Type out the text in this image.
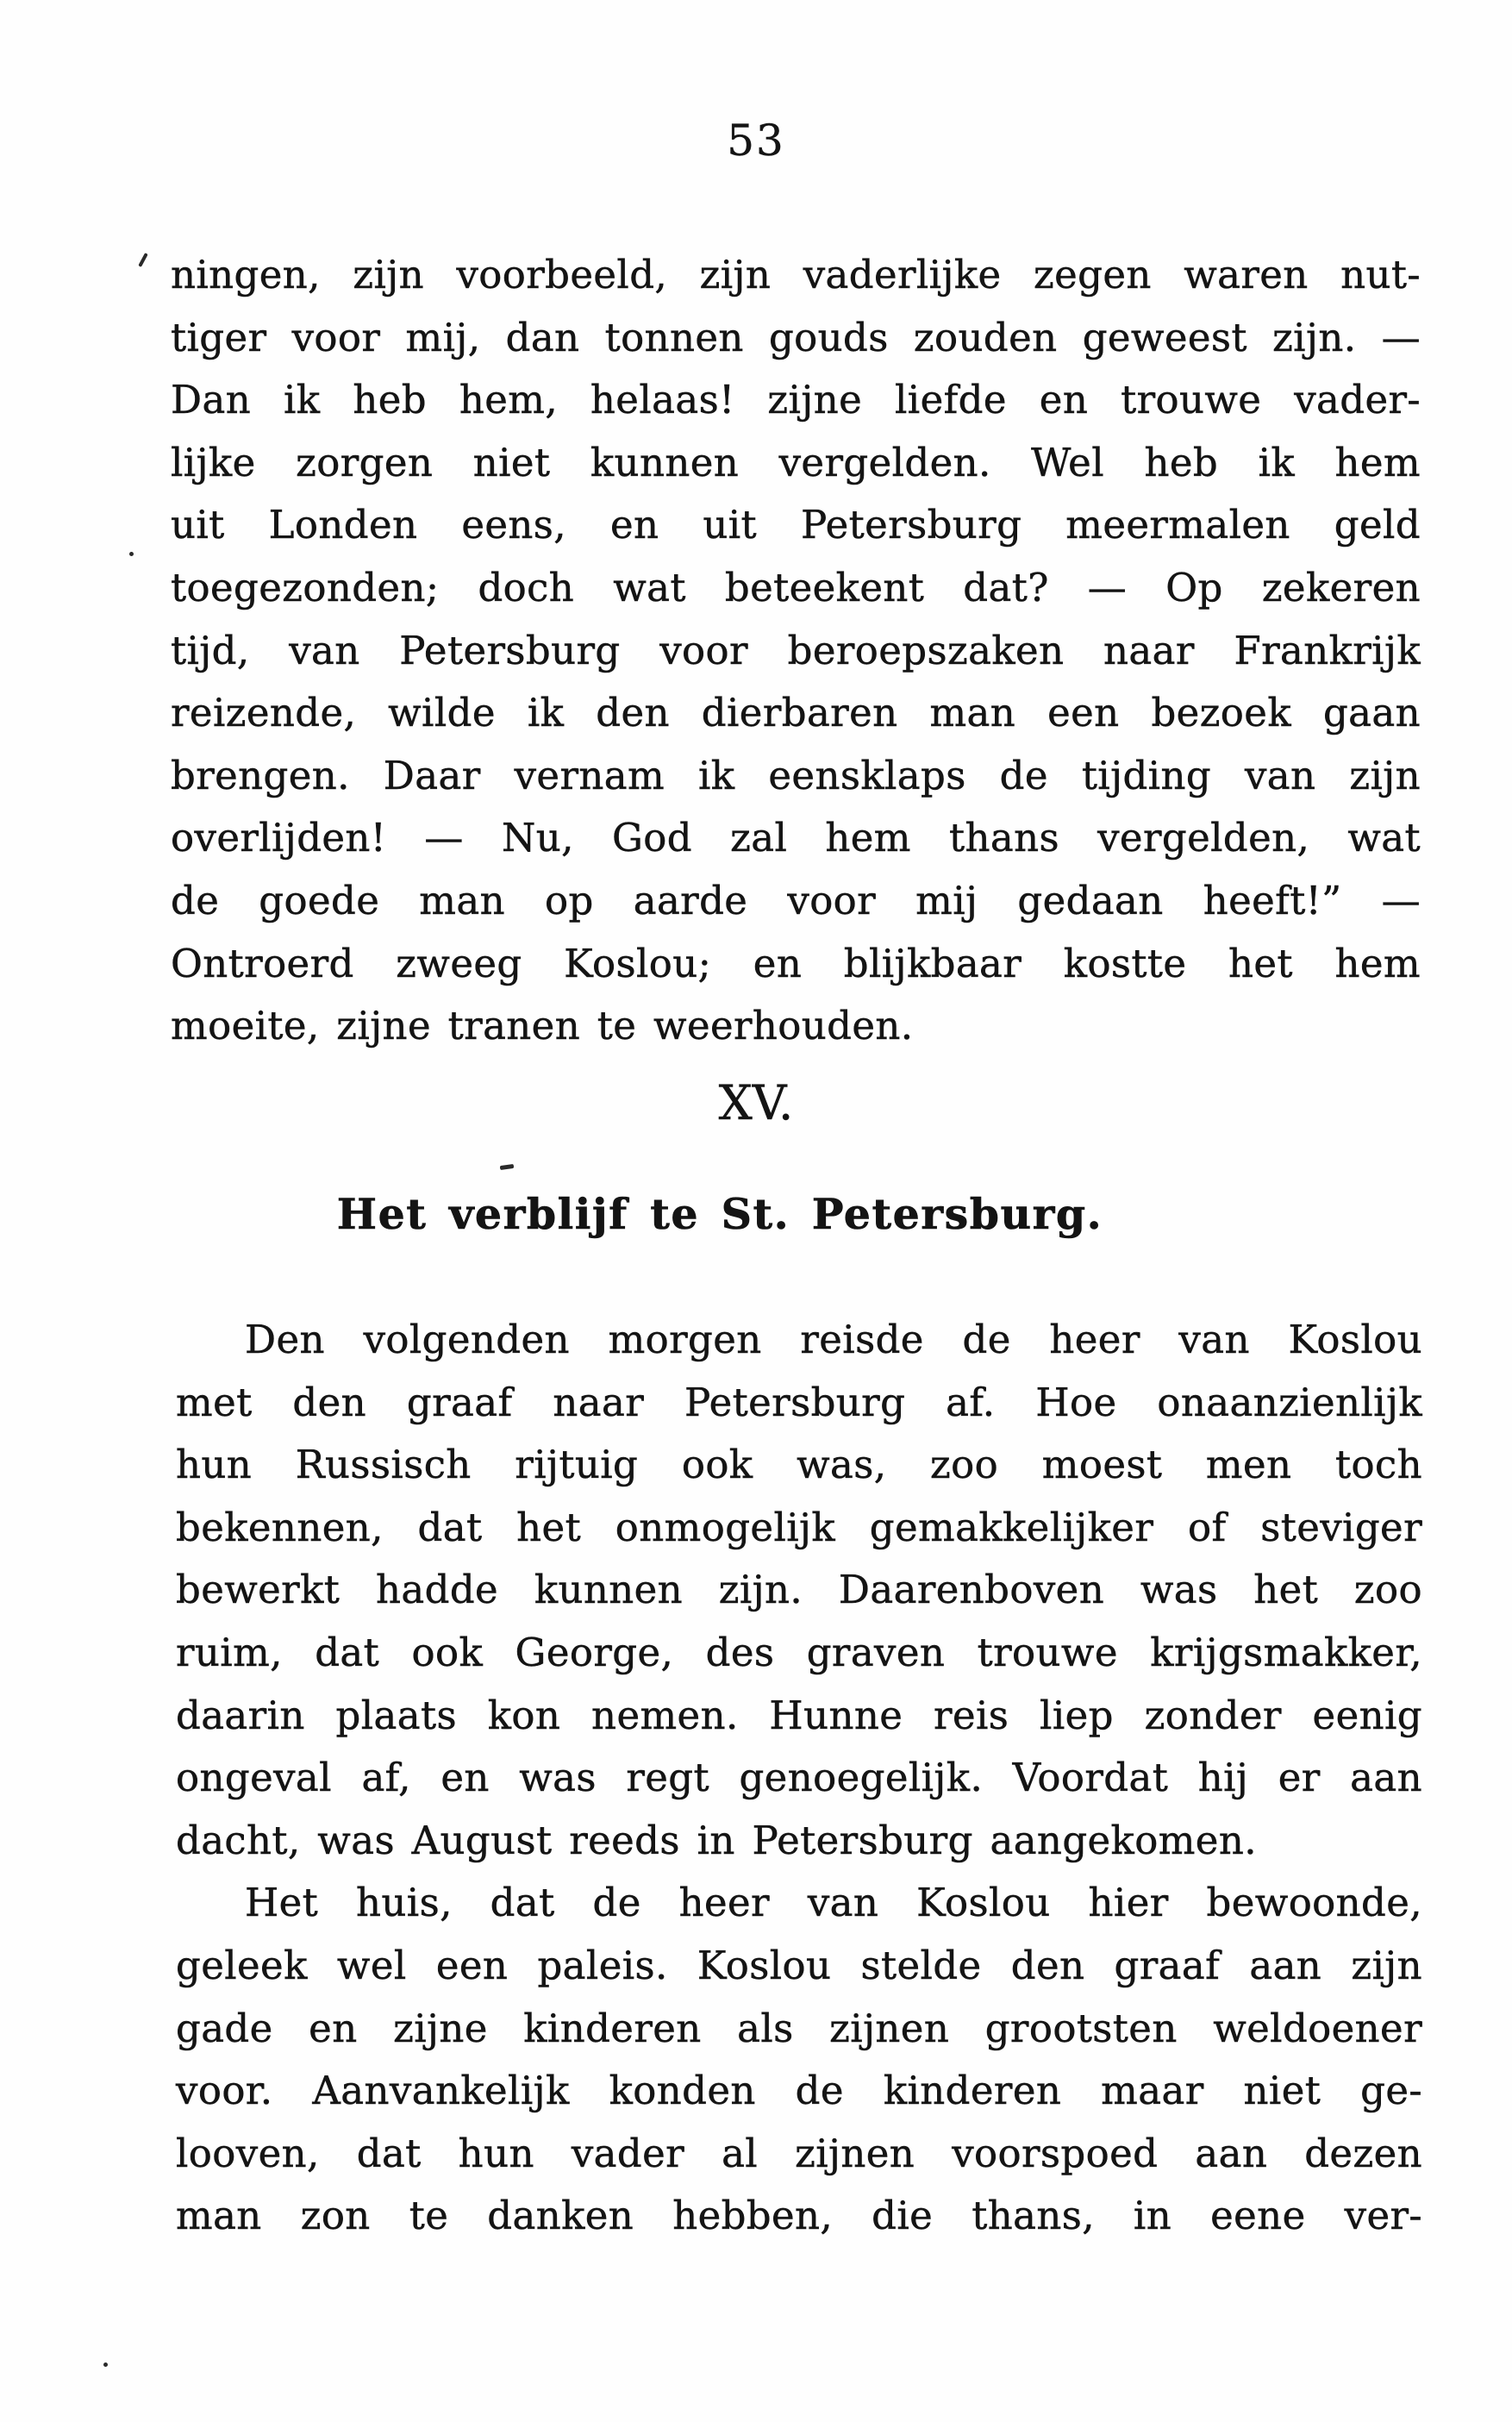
53
ningen, zijn voorbeeld, zijn vaderlijke zegen waren nut-
tiger voor mij, dan tonnen gouds zouden geweest zijn. —
Dan ik heb hem, helaas! zijne liefde en trouwe vader-
lijke zorgen niet kunnen vergelden. Wel heb ik hem
uit Londen eens, en uit Petersburg meermalen geld
toegezonden; doch wat beteekent dat? — Op zekeren
tijd, van Petersburg voor beroepszaken naar Frankrijk
reizende, wilde ik den dierbaren man een bezoek gaan
brengen. Daar vernam ik eensklaps de tijding van zijn
overlijden! — Nu, God zal hem thans vergelden, wat
de goede man op aarde voor mij gedaan heeft!” —
Ontroerd zweeg Koslou; en blijkbaar kostte het hem
moeite, zijne tranen te weerhouden.
XV.
Het verblijf te St. Petersburg.
Den volgenden morgen reisde de heer van Koslou
met den graaf naar Petersburg af. Hoe onaanzienlijk
hun Russisch rijtuig ook was, zoo moest men toch
bekennen, dat het onmogelijk gemakkelijker of steviger
bewerkt hadde kunnen zijn. Daarenboven was het zoo
ruim, dat ook George, des graven trouwe krijgsmakker,
daarin plaats kon nemen. Hunne reis liep zonder eenig
ongeval af, en was regt genoegelijk. Voordat hij er aan
dacht, was August reeds in Petersburg aangekomen.
Het huis, dat de heer van Koslou hier bewoonde,
geleek wel een paleis. Koslou stelde den graaf aan zijn
gade en zijne kinderen als zijnen grootsten weldoener
voor. Aanvankelijk konden de kinderen maar niet ge-
looven, dat hun vader al zijnen voorspoed aan dezen
man zon te danken hebben, die thans, in eene ver-
